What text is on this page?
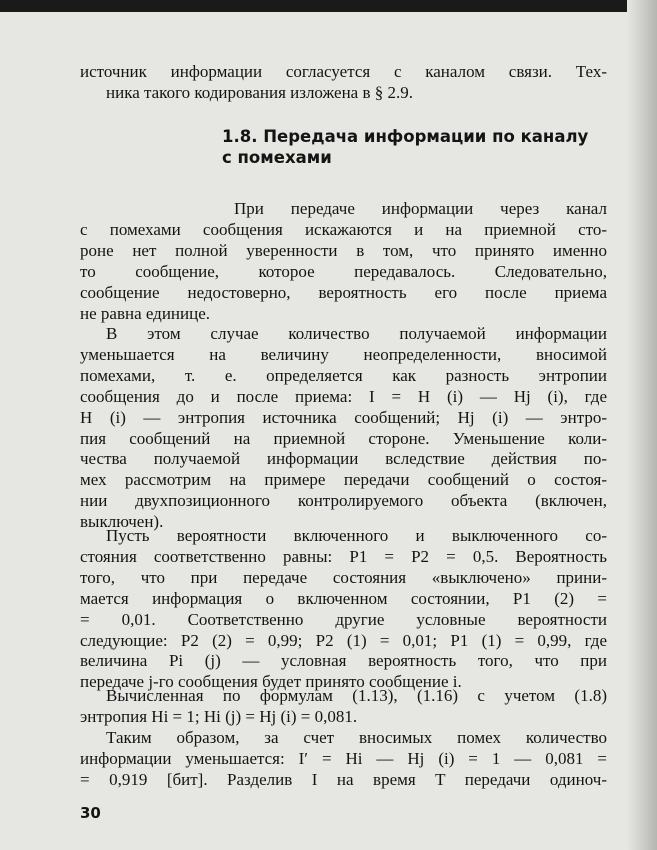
источник информации согласуется с каналом связи. Тех-
ника такого кодирования изложена в § 2.9.

1.8. Передача информации по каналу
с помехами

При передаче информации через канал
с помехами сообщения искажаются и на приемной сто-
роне нет полной уверенности в том, что принято именно
то сообщение, которое передавалось. Следовательно,
сообщение недостоверно, вероятность его после приема
не равна единице.

В этом случае количество получаемой информации
уменьшается на величину неопределенности, вносимой
помехами, т. е. определяется как разность энтропии
сообщения до и после приема: I = H (i) — Hj (i), где
H (i) — энтропия источника сообщений; Hj (i) — энтро-
пия сообщений на приемной стороне. Уменьшение коли-
чества получаемой информации вследствие действия по-
мех рассмотрим на примере передачи сообщений о состоя-
нии двухпозиционного контролируемого объекта (включен,
выключен).

Пусть вероятности включенного и выключенного со-
стояния соответственно равны: P1 = P2 = 0,5. Вероятность
того, что при передаче состояния «выключено» прини-
мается информация о включенном состоянии, P1 (2) =
= 0,01. Соответственно другие условные вероятности
следующие: P2 (2) = 0,99; P2 (1) = 0,01; P1 (1) = 0,99, где
величина Pi (j) — условная вероятность того, что при
передаче j-го сообщения будет принято сообщение i.

Вычисленная по формулам (1.13), (1.16) с учетом (1.8)
энтропия Hi = 1; Hi (j) = Hj (i) = 0,081.

Таким образом, за счет вносимых помех количество
информации уменьшается: I′ = Hi — Hj (i) = 1 — 0,081 =
= 0,919 [бит]. Разделив I на время T передачи одиноч-

30
